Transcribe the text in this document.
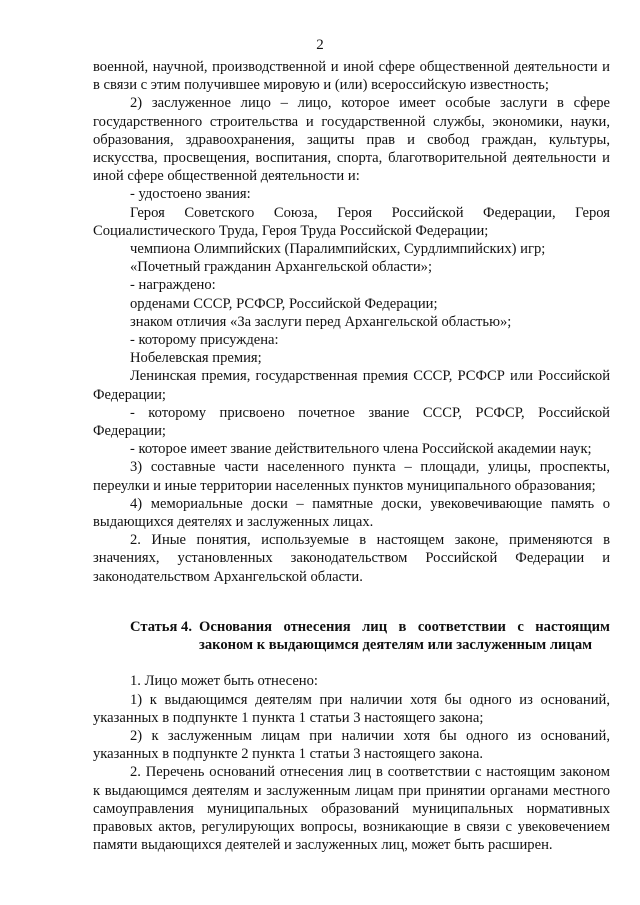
2

военной, научной, производственной и иной сфере общественной деятельности и в связи с этим получившее мировую и (или) всероссийскую известность;

2) заслуженное лицо – лицо, которое имеет особые заслуги в сфере государственного строительства и государственной службы, экономики, науки, образования, здравоохранения, защиты прав и свобод граждан, культуры, искусства, просвещения, воспитания, спорта, благотворительной деятельности и иной сфере общественной деятельности и:

- удостоено звания:

Героя Советского Союза, Героя Российской Федерации, Героя Социалистического Труда, Героя Труда Российской Федерации;

чемпиона Олимпийских (Паралимпийских, Сурдлимпийских) игр;

«Почетный гражданин Архангельской области»;

- награждено:

орденами СССР, РСФСР, Российской Федерации;

знаком отличия «За заслуги перед Архангельской областью»;

- которому присуждена:

Нобелевская премия;

Ленинская премия, государственная премия СССР, РСФСР или Российской Федерации;

- которому присвоено почетное звание СССР, РСФСР, Российской Федерации;

- которое имеет звание действительного члена Российской академии наук;

3) составные части населенного пункта – площади, улицы, проспекты, переулки и иные территории населенных пунктов муниципального образования;

4) мемориальные доски – памятные доски, увековечивающие память о выдающихся деятелях и заслуженных лицах.

2. Иные понятия, используемые в настоящем законе, применяются в значениях, установленных законодательством Российской Федерации и законодательством Архангельской области.

Статья 4. Основания отнесения лиц в соответствии с настоящим законом к выдающимся деятелям или заслуженным лицам

1. Лицо может быть отнесено:

1) к выдающимся деятелям при наличии хотя бы одного из оснований, указанных в подпункте 1 пункта 1 статьи 3 настоящего закона;

2) к заслуженным лицам при наличии хотя бы одного из оснований, указанных в подпункте 2 пункта 1 статьи 3 настоящего закона.

2. Перечень оснований отнесения лиц в соответствии с настоящим законом к выдающимся деятелям и заслуженным лицам при принятии органами местного самоуправления муниципальных образований муниципальных нормативных правовых актов, регулирующих вопросы, возникающие в связи с увековечением памяти выдающихся деятелей и заслуженных лиц, может быть расширен.
